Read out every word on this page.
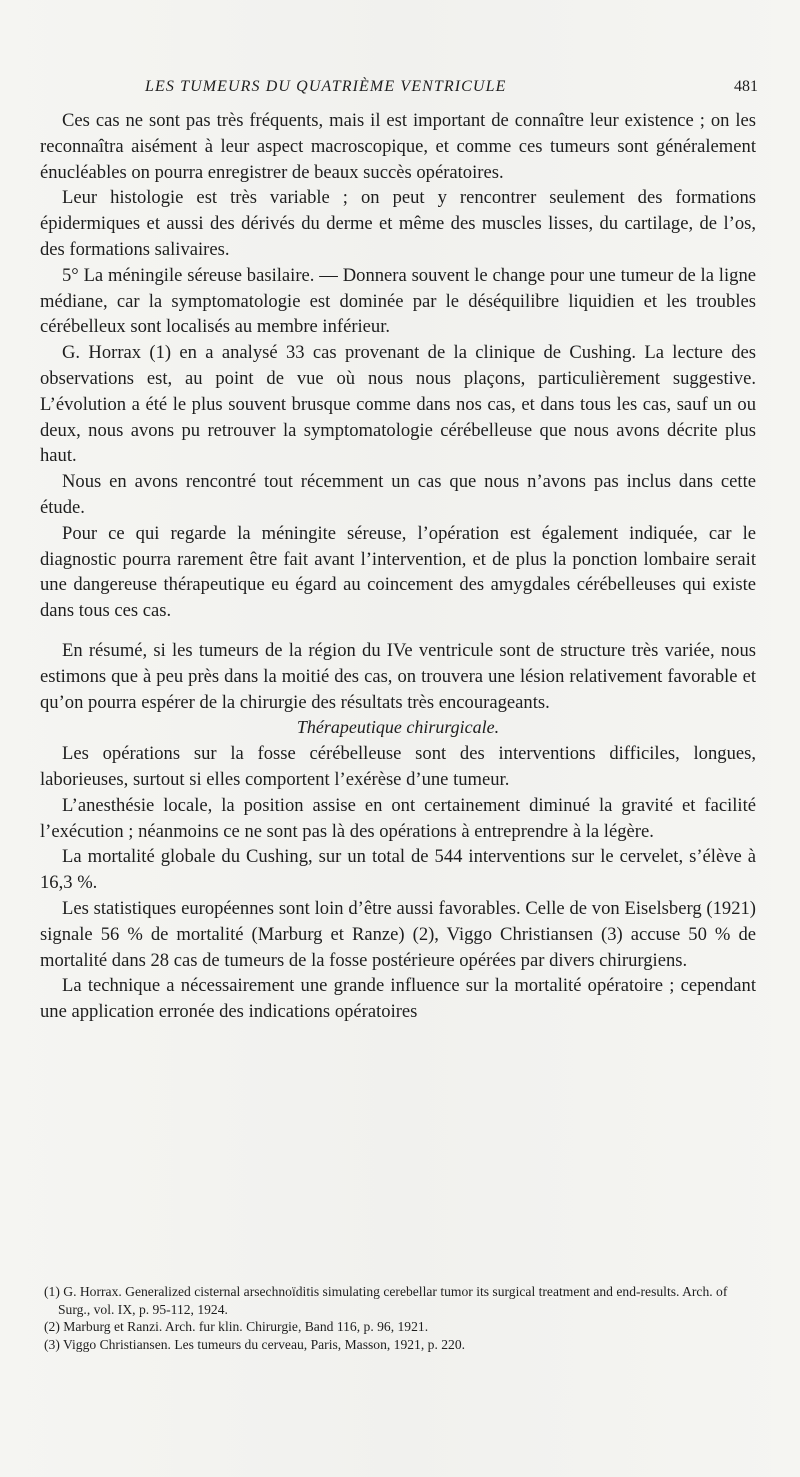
LES TUMEURS DU QUATRIÈME VENTRICULE	481

Ces cas ne sont pas très fréquents, mais il est important de connaître leur existence ; on les reconnaîtra aisément à leur aspect macroscopique, et comme ces tumeurs sont généralement énucléables on pourra enregistrer de beaux succès opératoires.

Leur histologie est très variable ; on peut y rencontrer seulement des formations épidermiques et aussi des dérivés du derme et même des muscles lisses, du cartilage, de l’os, des formations salivaires.

5° La méningile séreuse basilaire. — Donnera souvent le change pour une tumeur de la ligne médiane, car la symptomatologie est dominée par le déséquilibre liquidien et les troubles cérébelleux sont localisés au membre inférieur.

G. Horrax (1) en a analysé 33 cas provenant de la clinique de Cushing. La lecture des observations est, au point de vue où nous nous plaçons, particulièrement suggestive. L’évolution a été le plus souvent brusque comme dans nos cas, et dans tous les cas, sauf un ou deux, nous avons pu retrouver la symptomatologie cérébelleuse que nous avons décrite plus haut.

Nous en avons rencontré tout récemment un cas que nous n’avons pas inclus dans cette étude.

Pour ce qui regarde la méningite séreuse, l’opération est également indiquée, car le diagnostic pourra rarement être fait avant l’intervention, et de plus la ponction lombaire serait une dangereuse thérapeutique eu égard au coincement des amygdales cérébelleuses qui existe dans tous ces cas.

En résumé, si les tumeurs de la région du IVe ventricule sont de structure très variée, nous estimons que à peu près dans la moitié des cas, on trouvera une lésion relativement favorable et qu’on pourra espérer de la chirurgie des résultats très encourageants.

Thérapeutique chirurgicale.

Les opérations sur la fosse cérébelleuse sont des interventions difficiles, longues, laborieuses, surtout si elles comportent l’exérèse d’une tumeur.

L’anesthésie locale, la position assise en ont certainement diminué la gravité et facilité l’exécution ; néanmoins ce ne sont pas là des opérations à entreprendre à la légère.

La mortalité globale du Cushing, sur un total de 544 interventions sur le cervelet, s’élève à 16,3 %.

Les statistiques européennes sont loin d’être aussi favorables. Celle de von Eiselsberg (1921) signale 56 % de mortalité (Marburg et Ranze) (2), Viggo Christiansen (3) accuse 50 % de mortalité dans 28 cas de tumeurs de la fosse postérieure opérées par divers chirurgiens.

La technique a nécessairement une grande influence sur la mortalité opératoire ; cependant une application erronée des indications opératoires

(1) G. Horrax. Generalized cisternal arsechnoïditis simulating cerebellar tumor its surgical treatment and end-results. Arch. of Surg., vol. IX, p. 95-112, 1924.

(2) Marburg et Ranzi. Arch. fur klin. Chirurgie, Band 116, p. 96, 1921.

(3) Viggo Christiansen. Les tumeurs du cerveau, Paris, Masson, 1921, p. 220.
